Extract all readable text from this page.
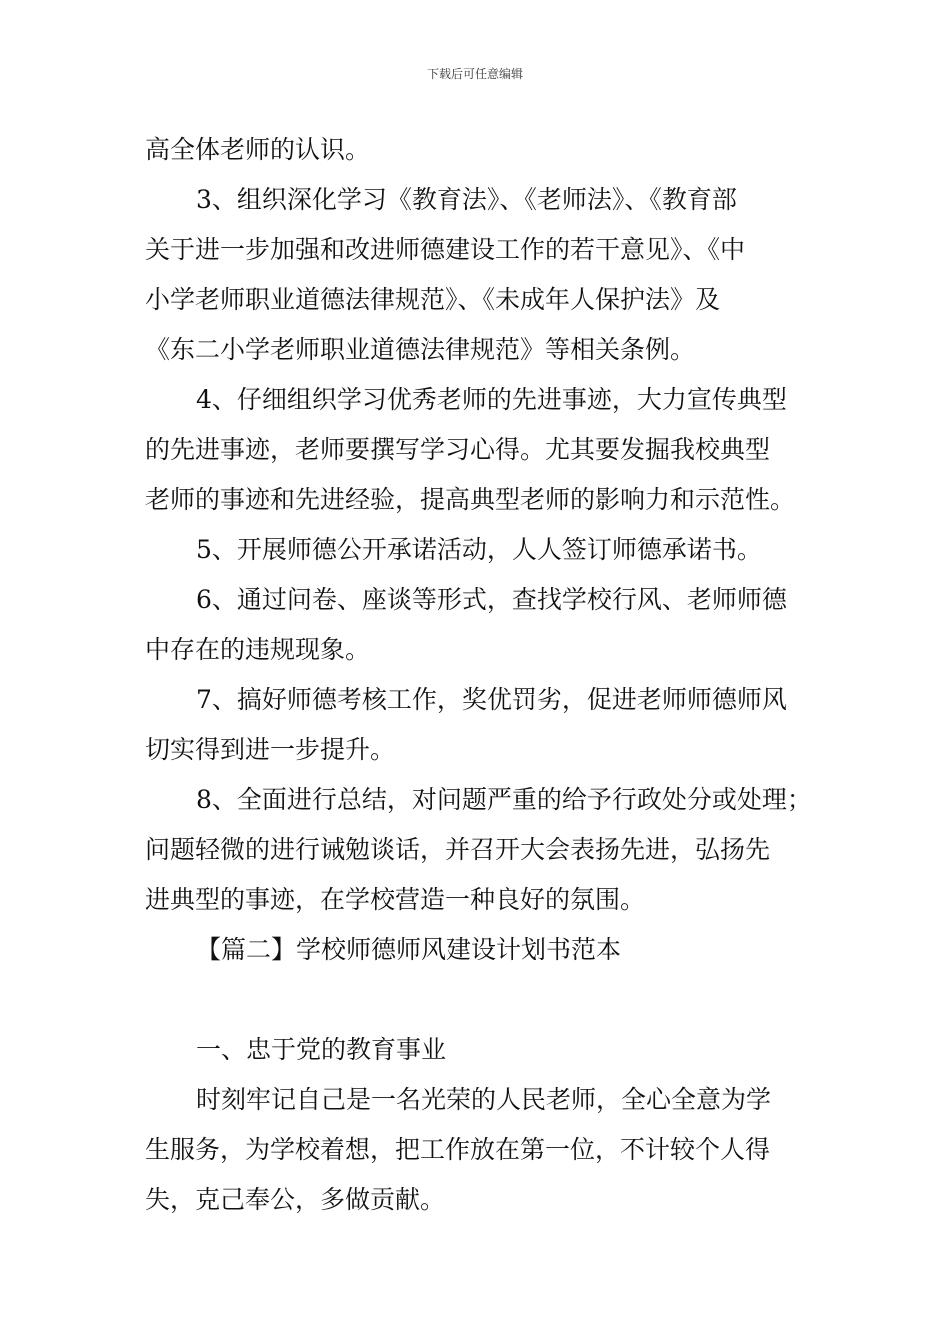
下载后可任意编辑
高全体老师的认识。
3、组织深化学习《教育法》、《老师法》、《教育部
关于进一步加强和改进师德建设工作的若干意见》、《中
小学老师职业道德法律规范》、《未成年人保护法》及
《东二小学老师职业道德法律规范》等相关条例。
4、仔细组织学习优秀老师的先进事迹，大力宣传典型
的先进事迹，老师要撰写学习心得。尤其要发掘我校典型
老师的事迹和先进经验，提高典型老师的影响力和示范性。
5、开展师德公开承诺活动，人人签订师德承诺书。
6、通过问卷、座谈等形式，查找学校行风、老师师德
中存在的违规现象。
7、搞好师德考核工作，奖优罚劣，促进老师师德师风
切实得到进一步提升。
8、全面进行总结，对问题严重的给予行政处分或处理；
问题轻微的进行诫勉谈话，并召开大会表扬先进，弘扬先
进典型的事迹，在学校营造一种良好的氛围。
【篇二】学校师德师风建设计划书范本
一、忠于党的教育事业
时刻牢记自己是一名光荣的人民老师，全心全意为学
生服务，为学校着想，把工作放在第一位，不计较个人得
失，克己奉公，多做贡献。
